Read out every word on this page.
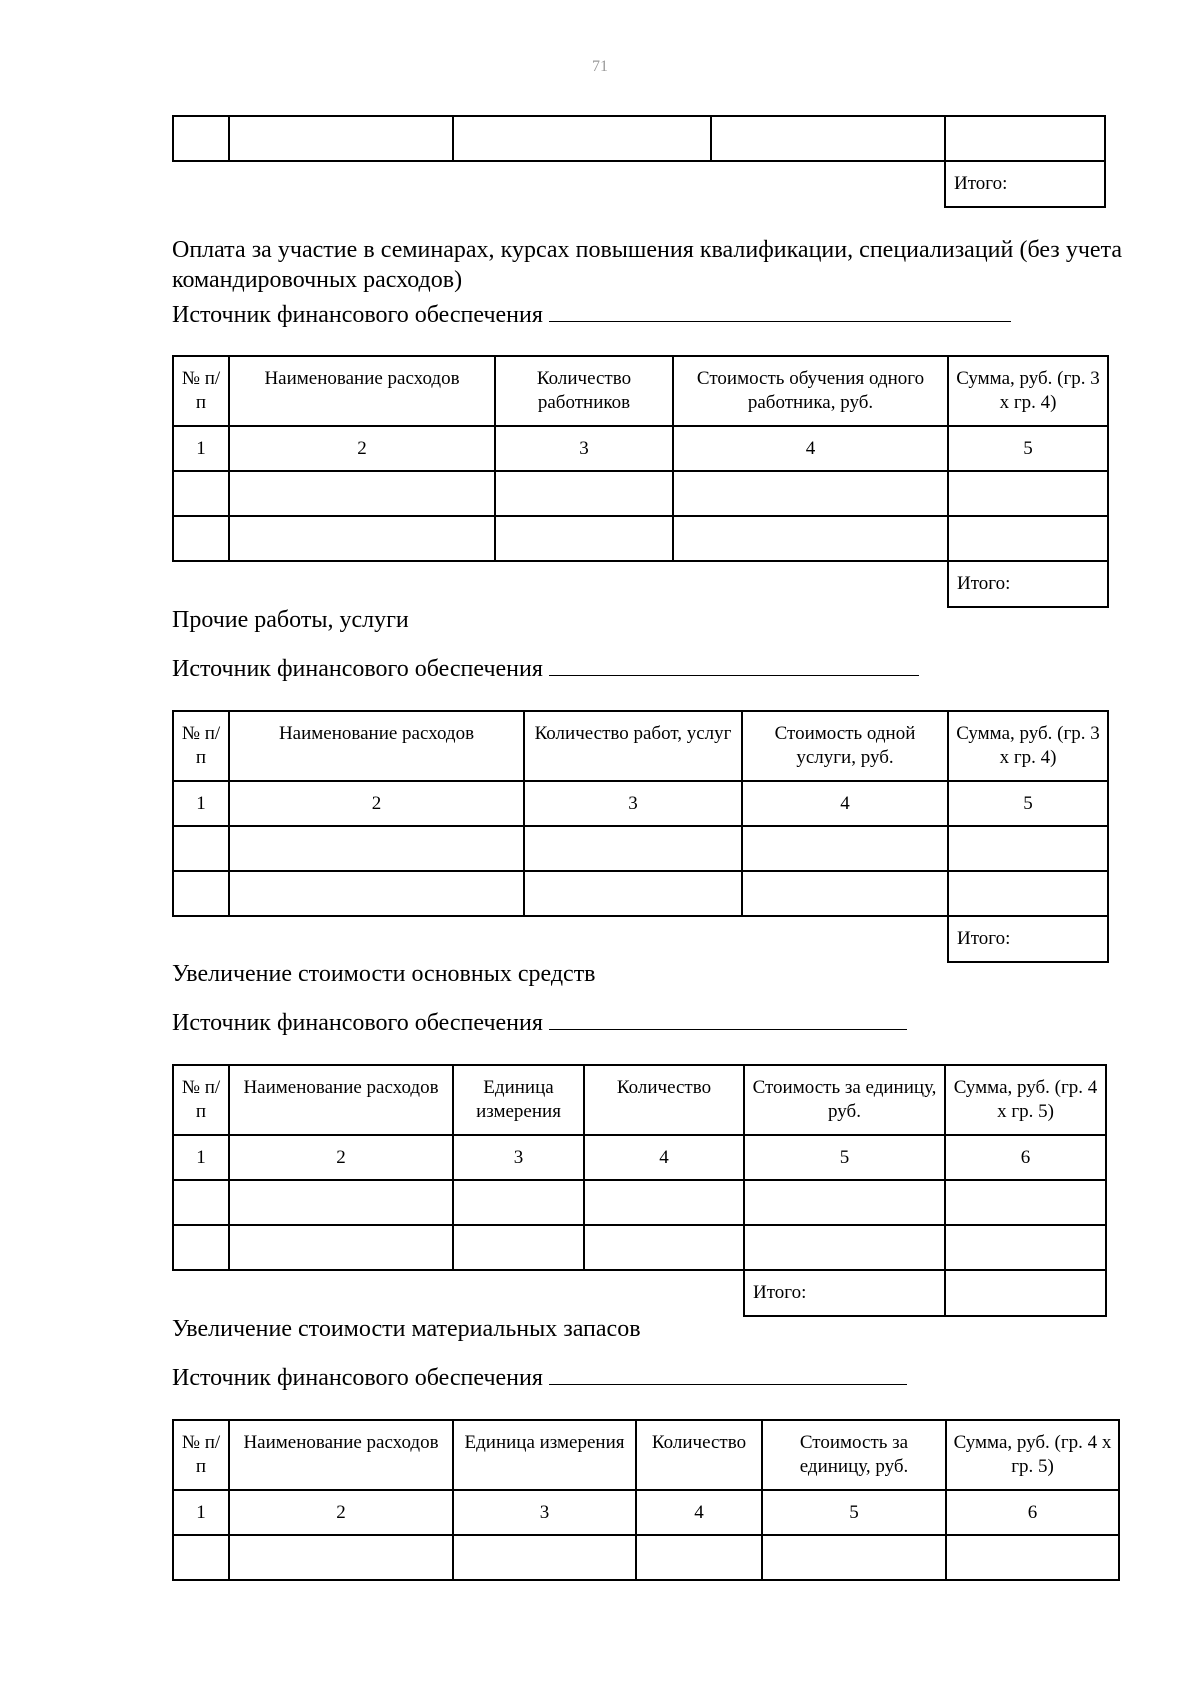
71

				Итого:
Оплата за участие в семинарах, курсах повышения квалификации, специализаций (без учета командировочных расходов)
Источник финансового обеспечения
№ п/п	Наименование расходов	Количество работников	Стоимость обучения одного работника, руб.	Сумма, руб. (гр. 3 x гр. 4)
1	2	3	4	5

				Итого:
Прочие работы, услуги
Источник финансового обеспечения
№ п/п	Наименование расходов	Количество работ, услуг	Стоимость одной услуги, руб.	Сумма, руб. (гр. 3 x гр. 4)
1	2	3	4	5

				Итого:
Увеличение стоимости основных средств
Источник финансового обеспечения
№ п/п	Наименование расходов	Единица измерения	Количество	Стоимость за единицу, руб.	Сумма, руб. (гр. 4 x гр. 5)
1	2	3	4	5	6

				Итого:	
Увеличение стоимости материальных запасов
Источник финансового обеспечения
№ п/п	Наименование расходов	Единица измерения	Количество	Стоимость за единицу, руб.	Сумма, руб. (гр. 4 x гр. 5)
1	2	3	4	5	6
